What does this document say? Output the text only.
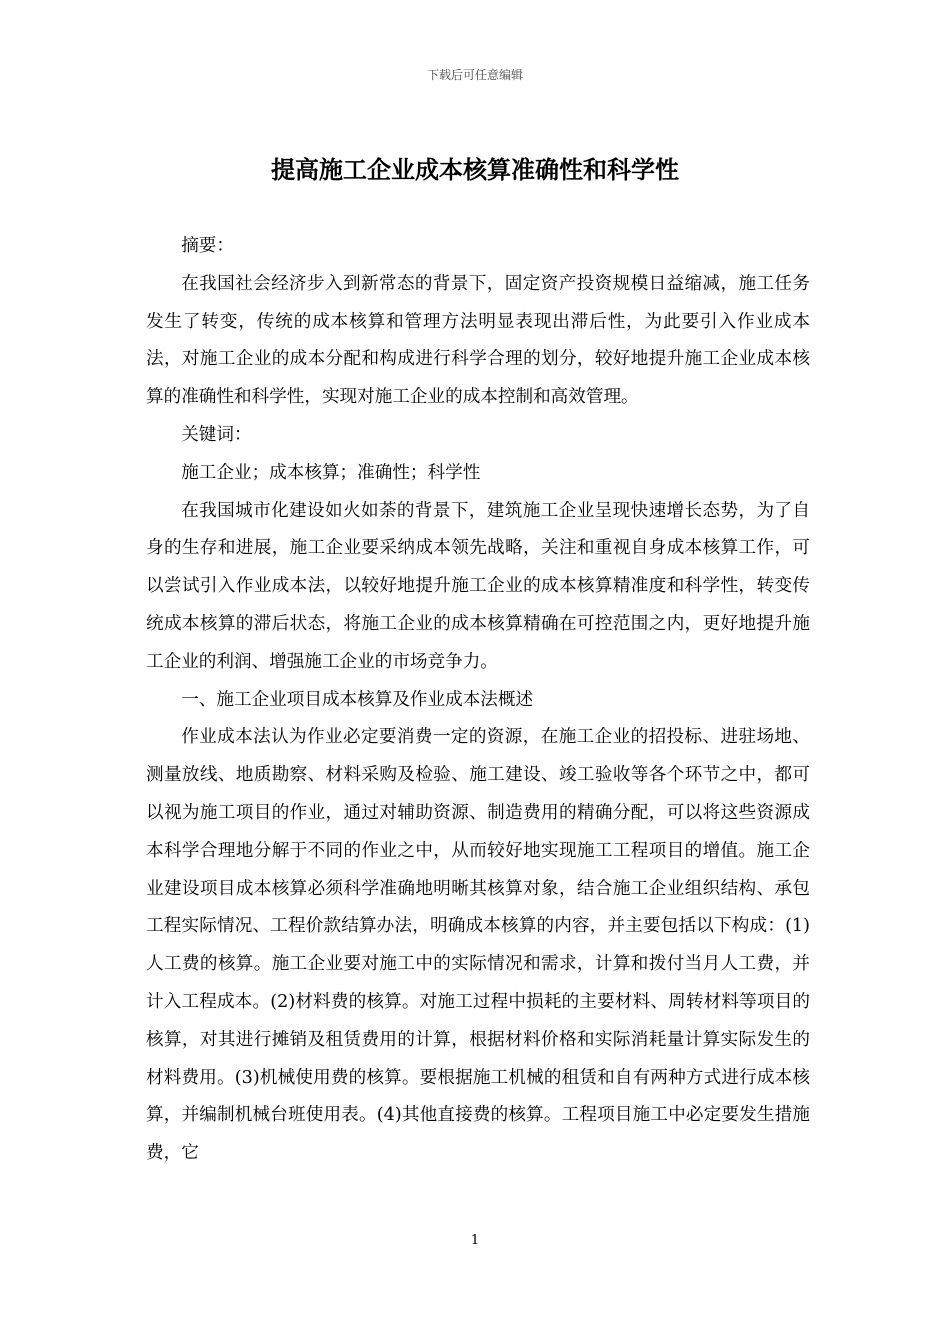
下载后可任意编辑
提高施工企业成本核算准确性和科学性

摘要：

在我国社会经济步入到新常态的背景下，固定资产投资规模日益缩减，施工任务发生了转变，传统的成本核算和管理方法明显表现出滞后性，为此要引入作业成本法，对施工企业的成本分配和构成进行科学合理的划分，较好地提升施工企业成本核算的准确性和科学性，实现对施工企业的成本控制和高效管理。

关键词：

施工企业；成本核算；准确性；科学性

在我国城市化建设如火如荼的背景下，建筑施工企业呈现快速增长态势，为了自身的生存和进展，施工企业要采纳成本领先战略，关注和重视自身成本核算工作，可以尝试引入作业成本法，以较好地提升施工企业的成本核算精准度和科学性，转变传统成本核算的滞后状态，将施工企业的成本核算精确在可控范围之内，更好地提升施工企业的利润、增强施工企业的市场竞争力。

一、施工企业项目成本核算及作业成本法概述

作业成本法认为作业必定要消费一定的资源，在施工企业的招投标、进驻场地、测量放线、地质勘察、材料采购及检验、施工建设、竣工验收等各个环节之中，都可以视为施工项目的作业，通过对辅助资源、制造费用的精确分配，可以将这些资源成本科学合理地分解于不同的作业之中，从而较好地实现施工工程项目的增值。施工企业建设项目成本核算必须科学准确地明晰其核算对象，结合施工企业组织结构、承包工程实际情况、工程价款结算办法，明确成本核算的内容，并主要包括以下构成：(1)人工费的核算。施工企业要对施工中的实际情况和需求，计算和拨付当月人工费，并计入工程成本。(2)材料费的核算。对施工过程中损耗的主要材料、周转材料等项目的核算，对其进行摊销及租赁费用的计算，根据材料价格和实际消耗量计算实际发生的材料费用。(3)机械使用费的核算。要根据施工机械的租赁和自有两种方式进行成本核算，并编制机械台班使用表。(4)其他直接费的核算。工程项目施工中必定要发生措施费，它

1
